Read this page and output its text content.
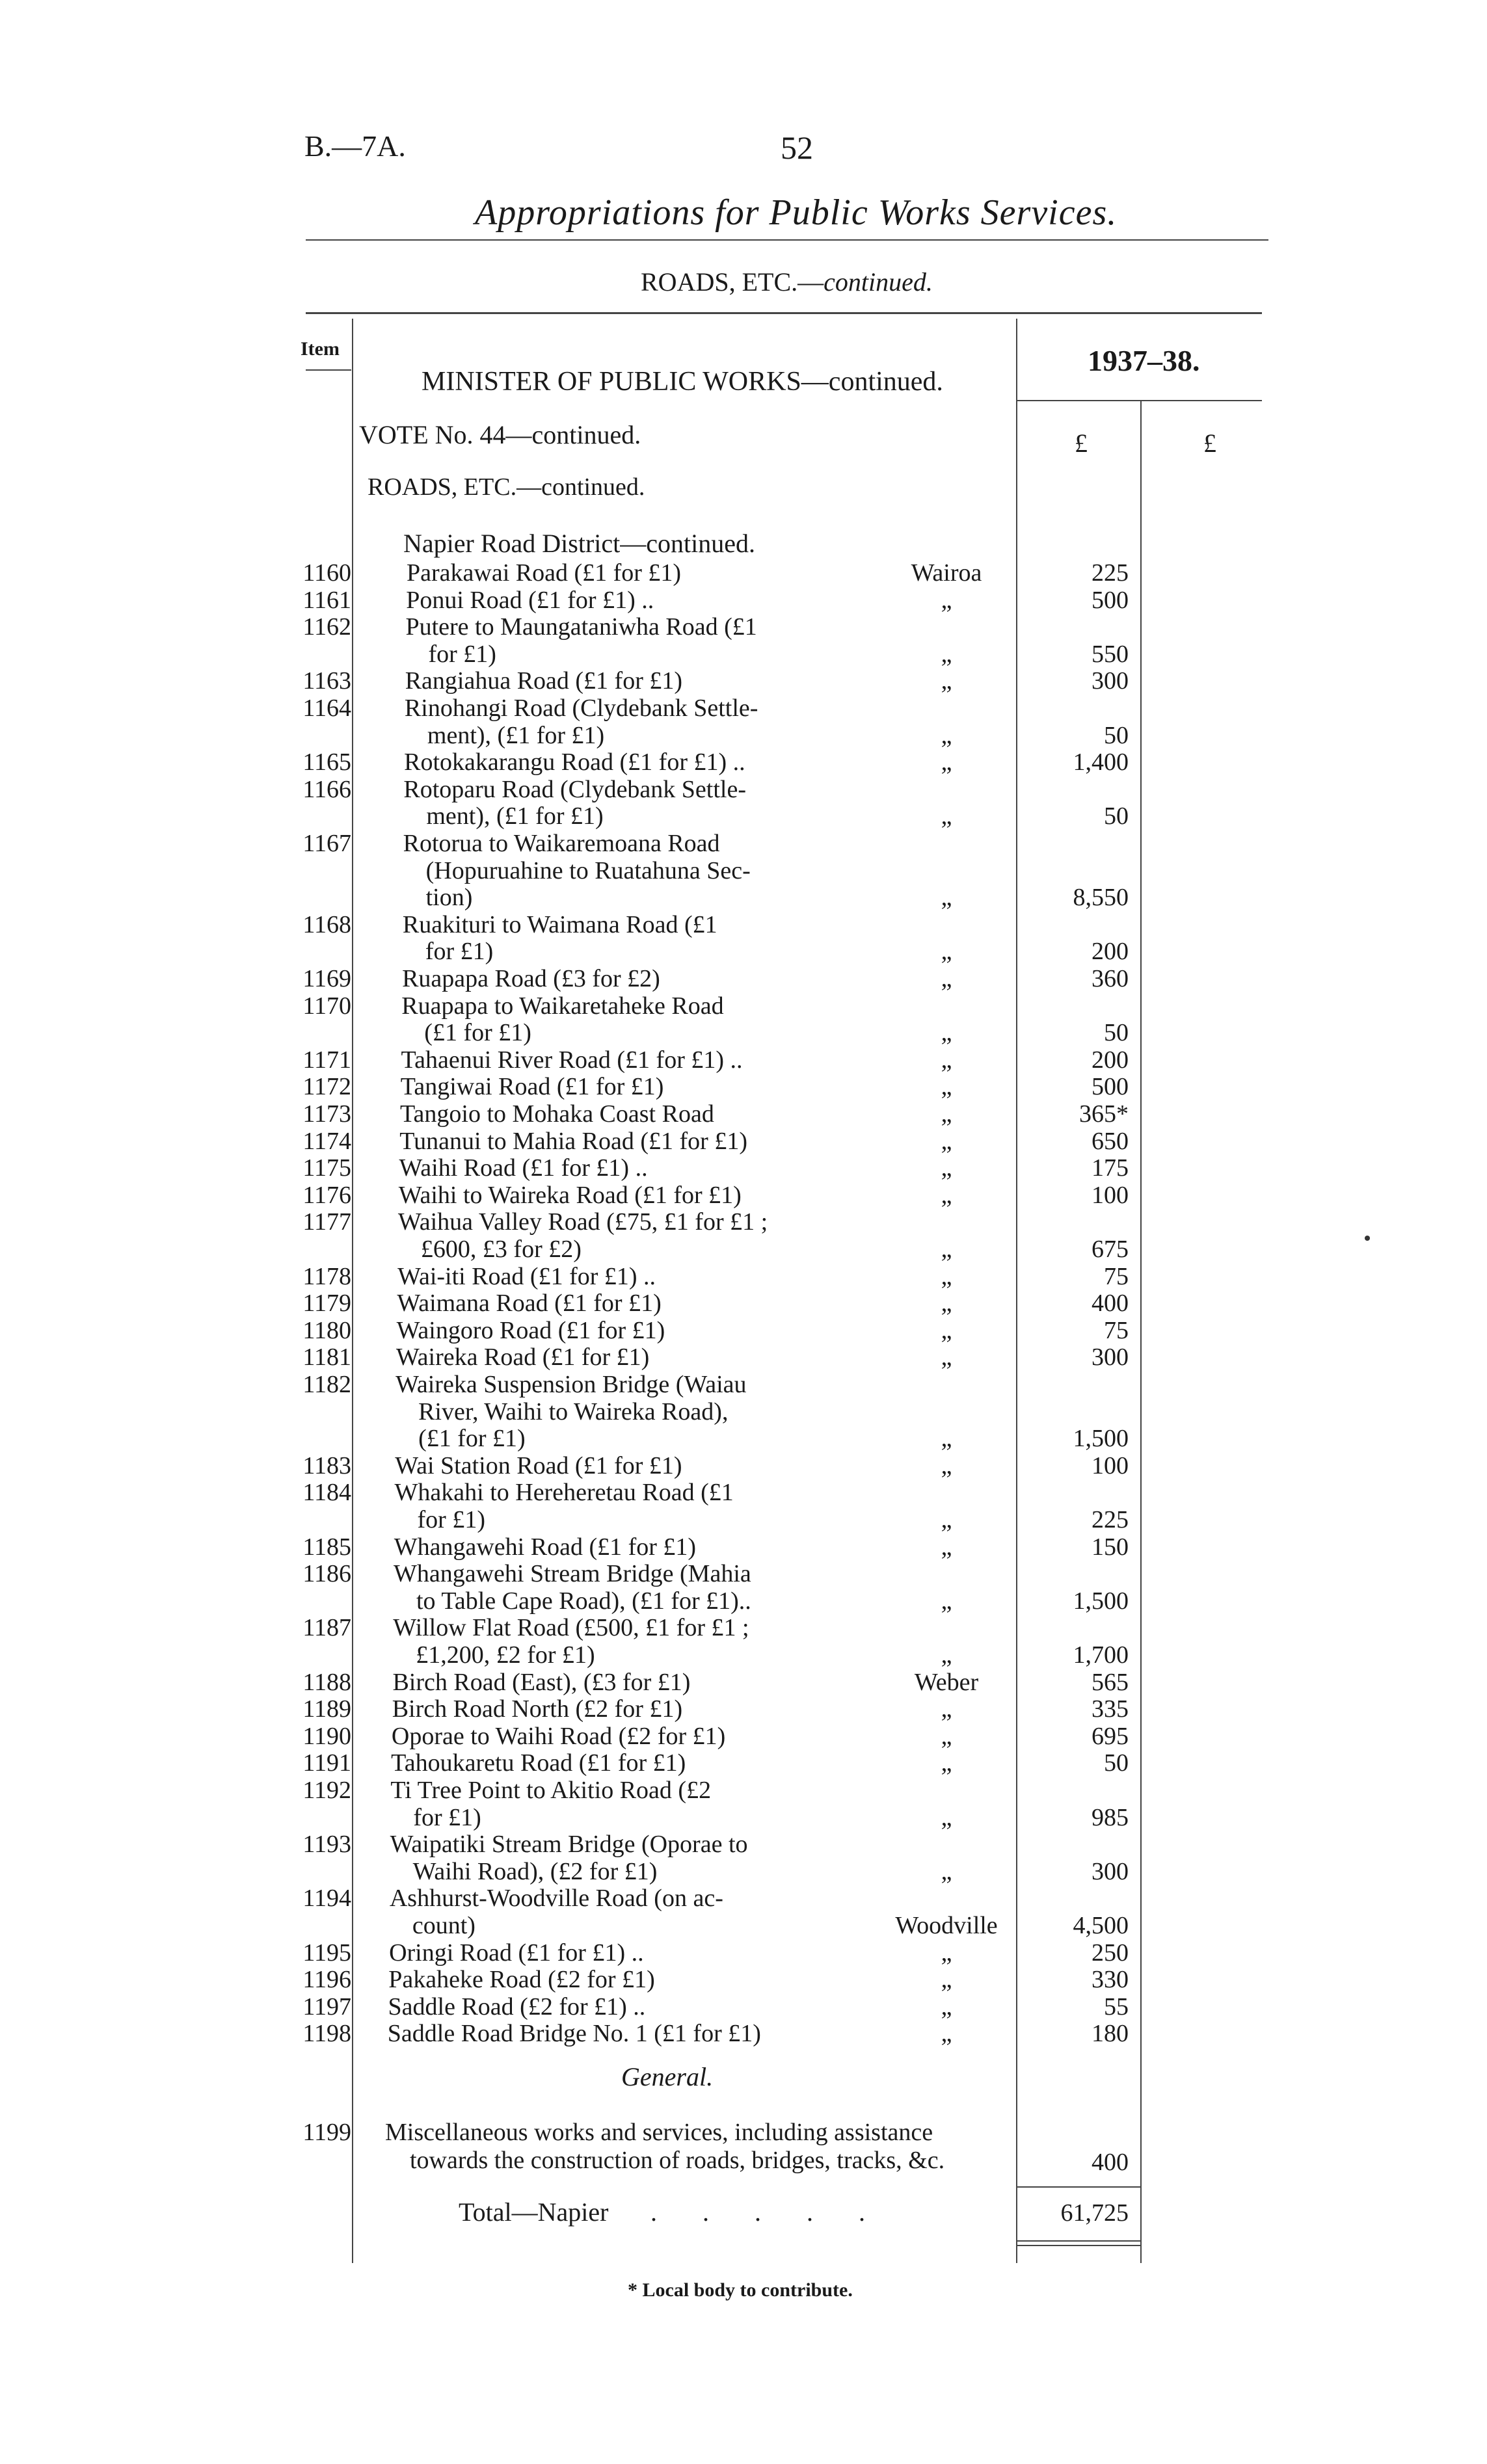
B.—7A.	52
Appropriations for Public Works Services.
ROADS, ETC.—continued.
Item	1937–38.
£	£
MINISTER OF PUBLIC WORKS—continued.
VOTE No. 44—continued.
ROADS, ETC.—continued.
Napier Road District—continued.
1160 Parakawai Road (£1 for £1)	Wairoa	225
1161 Ponui Road (£1 for £1) ..	„	500
1162 Putere to Maungataniwha Road (£1
for £1)	„	550
1163 Rangiahua Road (£1 for £1)	„	300
1164 Rinohangi Road (Clydebank Settle-
ment), (£1 for £1)	„	50
1165 Rotokakarangu Road (£1 for £1) ..	„	1,400
1166 Rotoparu Road (Clydebank Settle-
ment), (£1 for £1)	„	50
1167 Rotorua to Waikaremoana Road
(Hopuruahine to Ruatahuna Sec-
tion)	„	8,550
1168 Ruakituri to Waimana Road (£1
for £1)	„	200
1169 Ruapapa Road (£3 for £2)	„	360
1170 Ruapapa to Waikaretaheke Road
(£1 for £1)	„	50
1171 Tahaenui River Road (£1 for £1) ..	„	200
1172 Tangiwai Road (£1 for £1)	„	500
1173 Tangoio to Mohaka Coast Road	„	365*
1174 Tunanui to Mahia Road (£1 for £1)	„	650
1175 Waihi Road (£1 for £1) ..	„	175
1176 Waihi to Waireka Road (£1 for £1)	„	100
1177 Waihua Valley Road (£75, £1 for £1 ;
£600, £3 for £2)	„	675
1178 Wai-iti Road (£1 for £1) ..	„	75
1179 Waimana Road (£1 for £1)	„	400
1180 Waingoro Road (£1 for £1)	„	75
1181 Waireka Road (£1 for £1)	„	300
1182 Waireka Suspension Bridge (Waiau
River, Waihi to Waireka Road),
(£1 for £1)	„	1,500
1183 Wai Station Road (£1 for £1)	„	100
1184 Whakahi to Hereheretau Road (£1
for £1)	„	225
1185 Whangawehi Road (£1 for £1)	„	150
1186 Whangawehi Stream Bridge (Mahia
to Table Cape Road), (£1 for £1)..	„	1,500
1187 Willow Flat Road (£500, £1 for £1 ;
£1,200, £2 for £1)	„	1,700
1188 Birch Road (East), (£3 for £1)	Weber	565
1189 Birch Road North (£2 for £1)	„	335
1190 Oporae to Waihi Road (£2 for £1)	„	695
1191 Tahoukaretu Road (£1 for £1)	„	50
1192 Ti Tree Point to Akitio Road (£2
for £1)	„	985
1193 Waipatiki Stream Bridge (Oporae to
Waihi Road), (£2 for £1)	„	300
1194 Ashhurst-Woodville Road (on ac-
count)	Woodville	4,500
1195 Oringi Road (£1 for £1) ..	„	250
1196 Pakaheke Road (£2 for £1)	„	330
1197 Saddle Road (£2 for £1) ..	„	55
1198 Saddle Road Bridge No. 1 (£1 for £1)	„	180
General.
1199 Miscellaneous works and services, including assistance
towards the construction of roads, bridges, tracks, &c.	400
Total—Napier . . . . .	61,725
* Local body to contribute.
